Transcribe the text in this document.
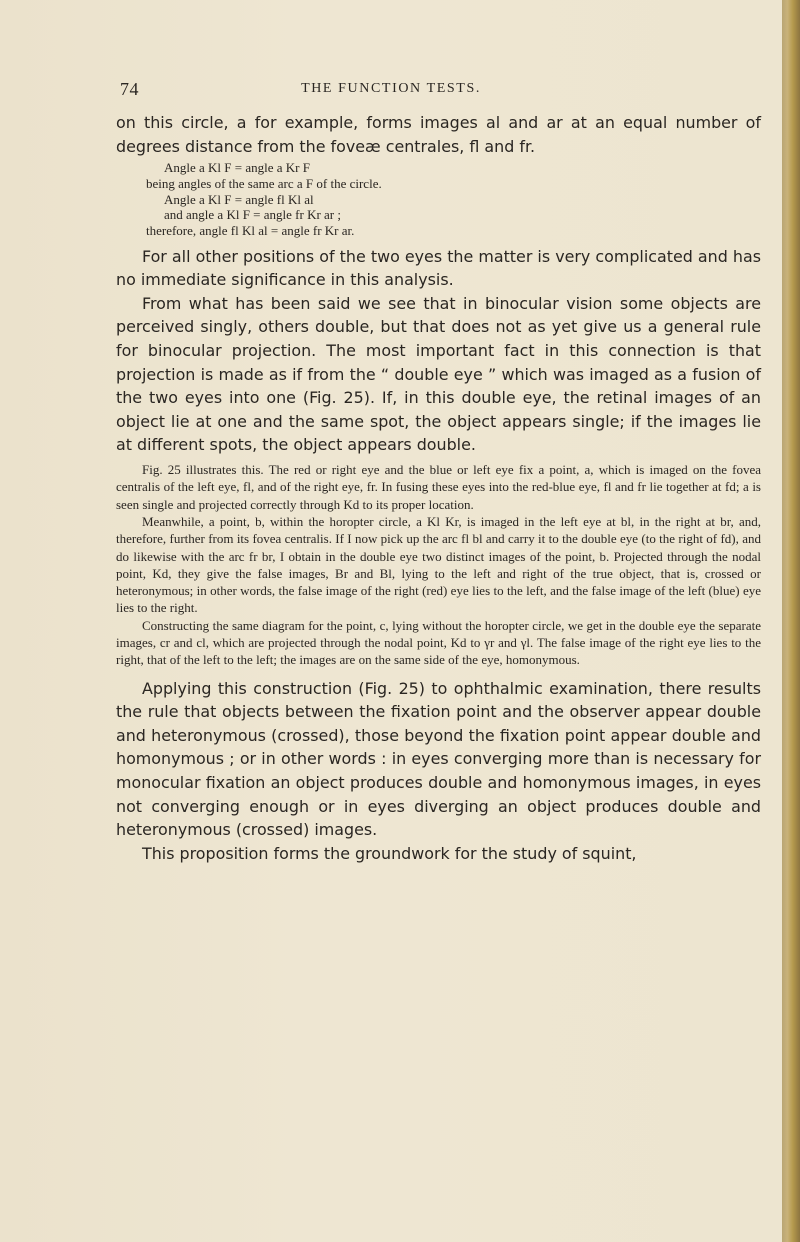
74	THE FUNCTION TESTS.

on this circle, a for example, forms images al and ar at an equal number of degrees distance from the foveæ centrales, fl and fr.

Angle a Kl F = angle a Kr F
being angles of the same arc a F of the circle.
Angle a Kl F = angle fl Kl al
and angle a Kl F = angle fr Kr ar ;
therefore, angle fl Kl al = angle fr Kr ar.

For all other positions of the two eyes the matter is very complicated and has no immediate significance in this analysis.

From what has been said we see that in binocular vision some objects are perceived singly, others double, but that does not as yet give us a general rule for binocular projection. The most important fact in this connection is that projection is made as if from the “ double eye ” which was imaged as a fusion of the two eyes into one (Fig. 25). If, in this double eye, the retinal images of an object lie at one and the same spot, the object appears single; if the images lie at different spots, the object appears double.

Fig. 25 illustrates this. The red or right eye and the blue or left eye fix a point, a, which is imaged on the fovea centralis of the left eye, fl, and of the right eye, fr. In fusing these eyes into the red-blue eye, fl and fr lie together at fd; a is seen single and projected correctly through Kd to its proper location.

Meanwhile, a point, b, within the horopter circle, a Kl Kr, is imaged in the left eye at bl, in the right at br, and, therefore, further from its fovea centralis. If I now pick up the arc fl bl and carry it to the double eye (to the right of fd), and do likewise with the arc fr br, I obtain in the double eye two distinct images of the point, b. Projected through the nodal point, Kd, they give the false images, Br and Bl, lying to the left and right of the true object, that is, crossed or heteronymous; in other words, the false image of the right (red) eye lies to the left, and the false image of the left (blue) eye lies to the right.

Constructing the same diagram for the point, c, lying without the horopter circle, we get in the double eye the separate images, cr and cl, which are projected through the nodal point, Kd to γr and γl. The false image of the right eye lies to the right, that of the left to the left; the images are on the same side of the eye, homonymous.

Applying this construction (Fig. 25) to ophthalmic examination, there results the rule that objects between the fixation point and the observer appear double and heteronymous (crossed), those beyond the fixation point appear double and homonymous ; or in other words : in eyes converging more than is necessary for monocular fixation an object produces double and homonymous images, in eyes not converging enough or in eyes diverging an object produces double and heteronymous (crossed) images.

This proposition forms the groundwork for the study of squint,
